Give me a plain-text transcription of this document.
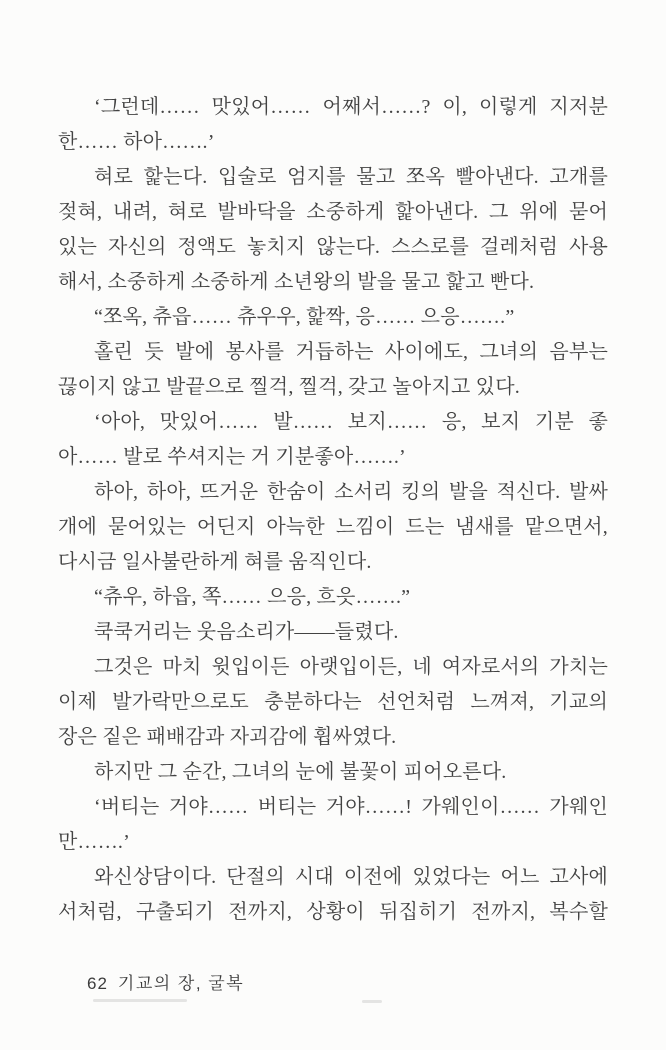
‘그런데…… 맛있어…… 어째서……? 이, 이렇게 지저분
한…… 하아…….’
혀로 핥는다. 입술로 엄지를 물고 쪼옥 빨아낸다. 고개를
젖혀, 내려, 혀로 발바닥을 소중하게 핥아낸다. 그 위에 묻어
있는 자신의 정액도 놓치지 않는다. 스스로를 걸레처럼 사용
해서, 소중하게 소중하게 소년왕의 발을 물고 핥고 빤다.
“쪼옥, 츄읍…… 츄우우, 핥짝, 응…… 으응…….”
홀린 듯 발에 봉사를 거듭하는 사이에도, 그녀의 음부는
끊이지 않고 발끝으로 찔걱, 찔걱, 갖고 놀아지고 있다.
‘아아, 맛있어…… 발…… 보지…… 응, 보지 기분 좋
아…… 발로 쑤셔지는 거 기분좋아…….’
하아, 하아, 뜨거운 한숨이 소서리 킹의 발을 적신다. 발싸
개에 묻어있는 어딘지 아늑한 느낌이 드는 냄새를 맡으면서,
다시금 일사불란하게 혀를 움직인다.
“츄우, 하읍, 쪽…… 으응, 흐읏…….”
쿡쿡거리는 웃음소리가――들렸다.
그것은 마치 윗입이든 아랫입이든, 네 여자로서의 가치는
이제 발가락만으로도 충분하다는 선언처럼 느껴져, 기교의
장은 짙은 패배감과 자괴감에 휩싸였다.
하지만 그 순간, 그녀의 눈에 불꽃이 피어오른다.
‘버티는 거야…… 버티는 거야……! 가웨인이…… 가웨인
만…….’
와신상담이다. 단절의 시대 이전에 있었다는 어느 고사에
서처럼, 구출되기 전까지, 상황이 뒤집히기 전까지, 복수할
62 기교의 장, 굴복
